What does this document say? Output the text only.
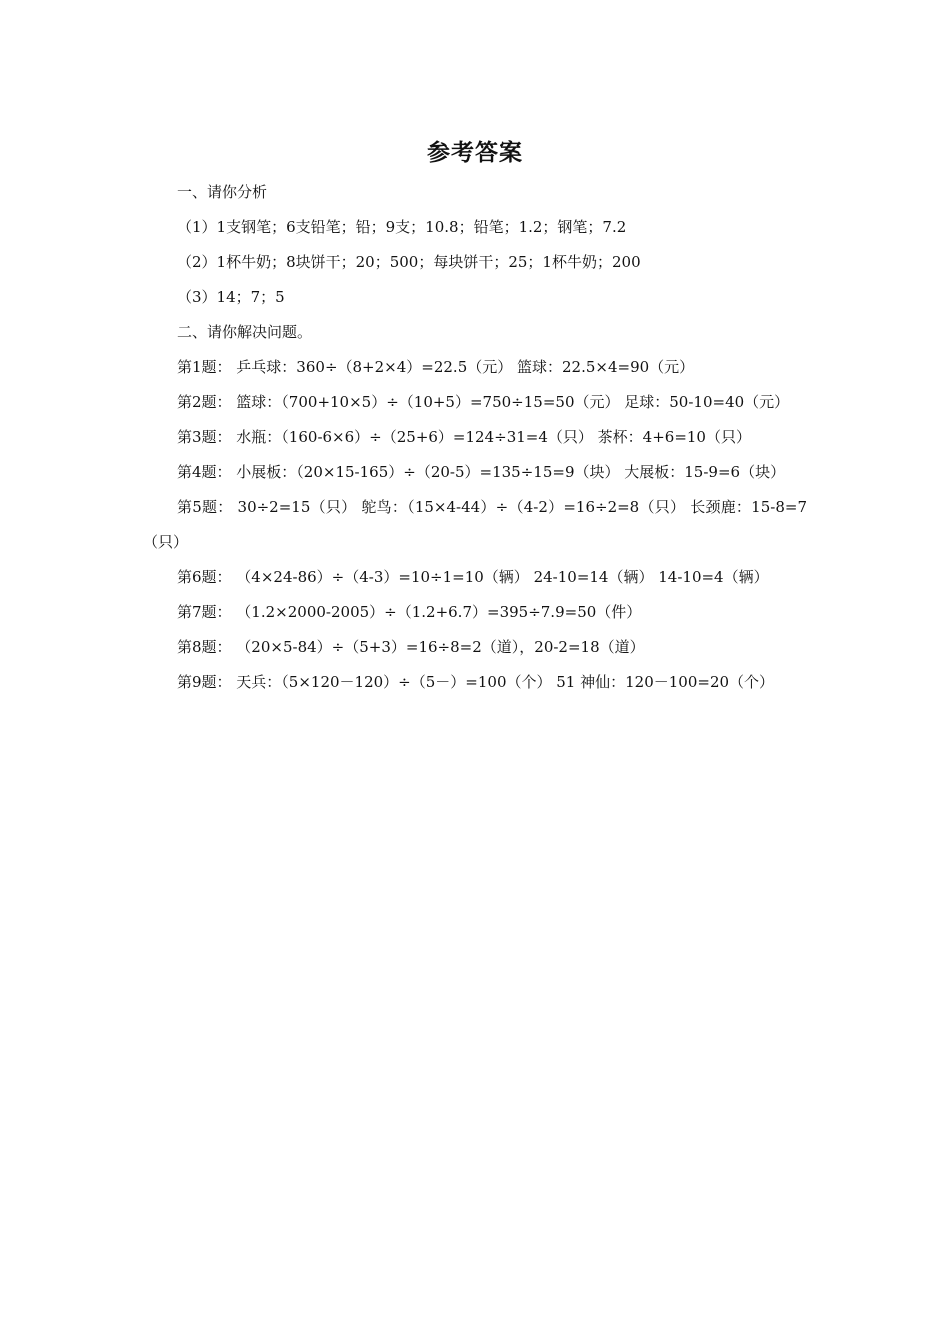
参考答案
一、请你分析
（1）1支钢笔；6支铅笔；铅；9支；10.8；铅笔；1.2；钢笔；7.2
（2）1杯牛奶；8块饼干；20；500；每块饼干；25；1杯牛奶；200
（3）14；7；5
二、请你解决问题。
第1题： 乒乓球：360÷（8+2×4）=22.5（元） 篮球：22.5×4=90（元）
第2题： 篮球：（700+10×5）÷（10+5）=750÷15=50（元） 足球：50-10=40（元）
第3题： 水瓶：（160-6×6）÷（25+6）=124÷31=4（只） 茶杯：4+6=10（只）
第4题： 小展板：（20×15-165）÷（20-5）=135÷15=9（块） 大展板：15-9=6（块）
第5题： 30÷2=15（只） 鸵鸟：（15×4-44）÷（4-2）=16÷2=8（只） 长颈鹿：15-8=7（只）
第6题： （4×24-86）÷（4-3）=10÷1=10（辆） 24-10=14（辆） 14-10=4（辆）
第7题： （1.2×2000-2005）÷（1.2+6.7）=395÷7.9=50（件）
第8题： （20×5-84）÷（5+3）=16÷8=2（道），20-2=18（道）
第9题： 天兵：（5×120－120）÷（5－）=100（个） 51 神仙：120－100=20（个）
